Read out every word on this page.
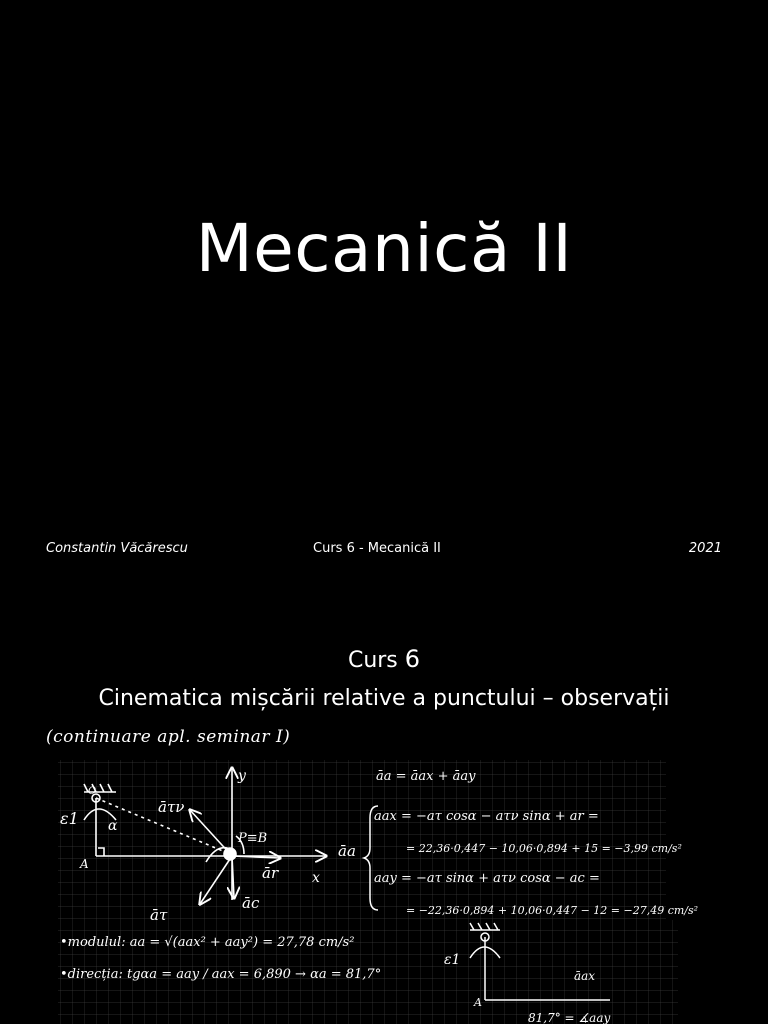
Mecanică II
Constantin Văcărescu	Curs 6 - Mecanică II	2021
Curs 6
Cinematica mișcării relative a punctului – observații
(continuare apl. seminar I)
ε1 α
A
O
y
x
P≡B
āτν
ār
āc
āτ
āa = āax + āay
āa
aax = −aτ cosα − aτν sinα + ar =
= 22,36·0,447 − 10,06·0,894 + 15 = −3,99 cm/s²
aay = −aτ sinα + aτν cosα − ac =
= −22,36·0,894 + 10,06·0,447 − 12 = −27,49 cm/s²
•modulul: aa = √(aax² + aay²) = 27,78 cm/s²
•direcția: tgαa = aay / aax = 6,890 → αa = 81,7°
ε1
āax
A
81,7° = ∡aay
